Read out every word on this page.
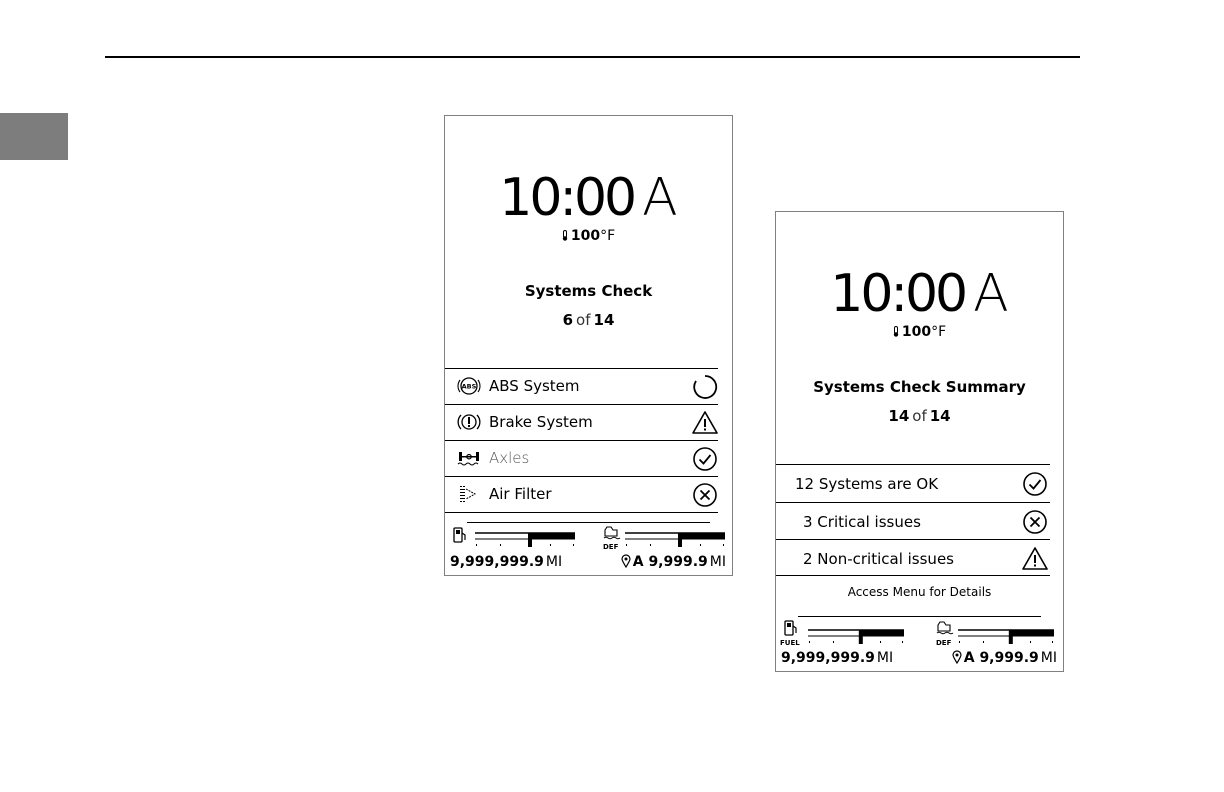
10:00 A
100°F
Systems Check
6 of 14
ABS ABS System
Brake System
Axles
Air Filter
DEF
9,999,999.9 MI	A 9,999.9 MI
10:00 A
100°F
Systems Check Summary
14 of 14
12 Systems are OK
3 Critical issues
2 Non-critical issues
Access Menu for Details
FUEL	DEF
9,999,999.9 MI	A 9,999.9 MI
